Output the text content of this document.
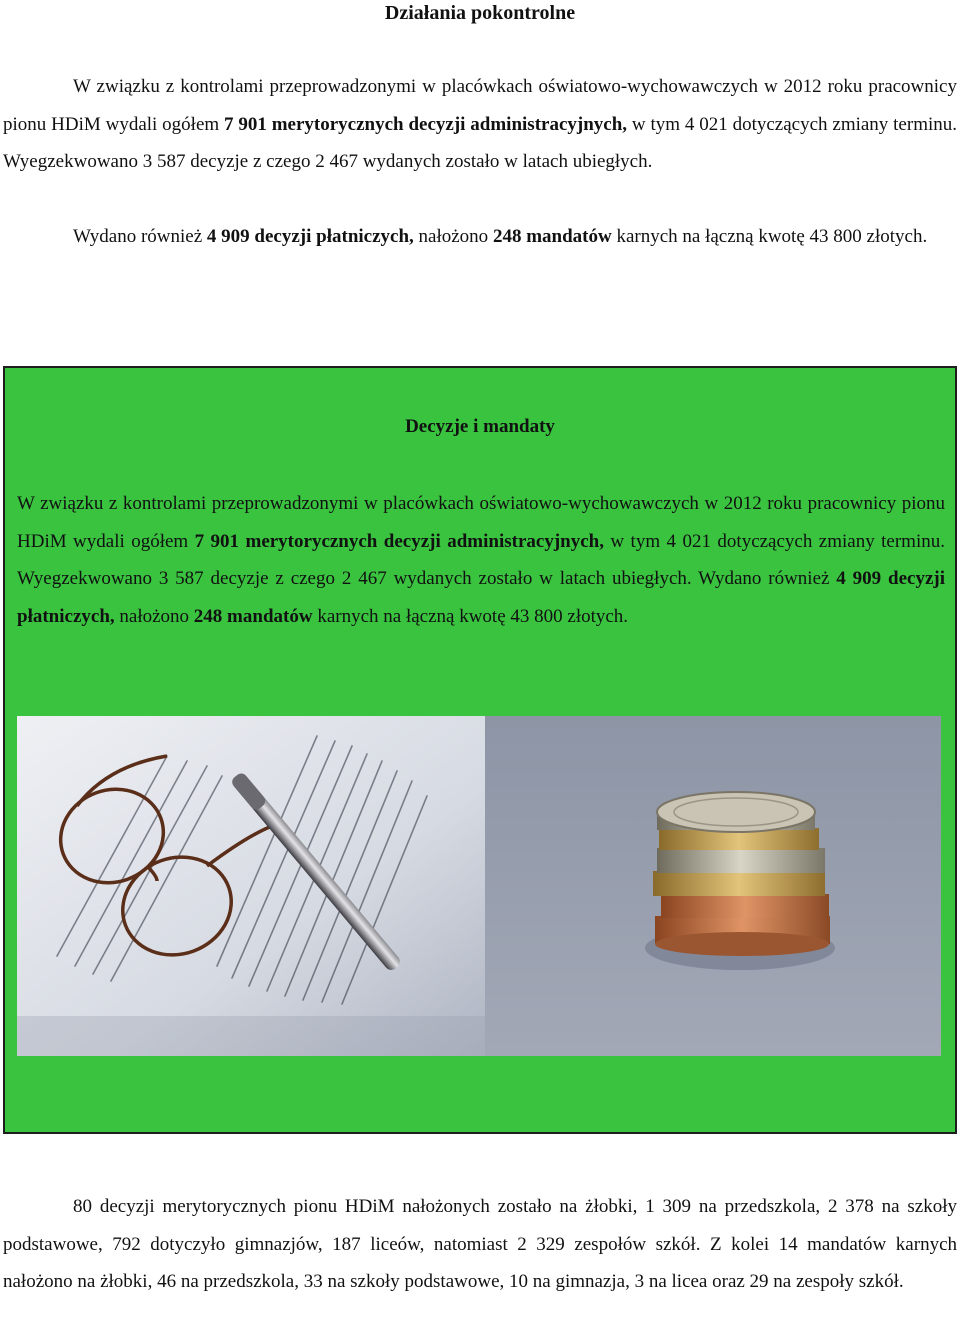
Działania pokontrolne

W związku z kontrolami przeprowadzonymi w placówkach oświatowo-wychowawczych w 2012 roku pracownicy pionu HDiM wydali ogółem 7 901 merytorycznych decyzji administracyjnych, w tym 4 021 dotyczących zmiany terminu. Wyegzekwowano 3 587 decyzje z czego 2 467 wydanych zostało w latach ubiegłych.

Wydano również 4 909 decyzji płatniczych, nałożono 248 mandatów karnych na łączną kwotę 43 800 złotych.

Decyzje i mandaty

W związku z kontrolami przeprowadzonymi w placówkach oświatowo-wychowawczych w 2012 roku pracownicy pionu HDiM wydali ogółem 7 901 merytorycznych decyzji administracyjnych, w tym 4 021 dotyczących zmiany terminu. Wyegzekwowano 3 587 decyzje z czego 2 467 wydanych zostało w latach ubiegłych. Wydano również 4 909 decyzji płatniczych, nałożono 248 mandatów karnych na łączną kwotę 43 800 złotych.

80 decyzji merytorycznych pionu HDiM nałożonych zostało na żłobki, 1 309 na przedszkola, 2 378 na szkoły podstawowe, 792 dotyczyło gimnazjów, 187 liceów, natomiast 2 329 zespołów szkół. Z kolei 14 mandatów karnych nałożono na żłobki, 46 na przedszkola, 33 na szkoły podstawowe, 10 na gimnazja, 3 na licea oraz 29 na zespoły szkół.
